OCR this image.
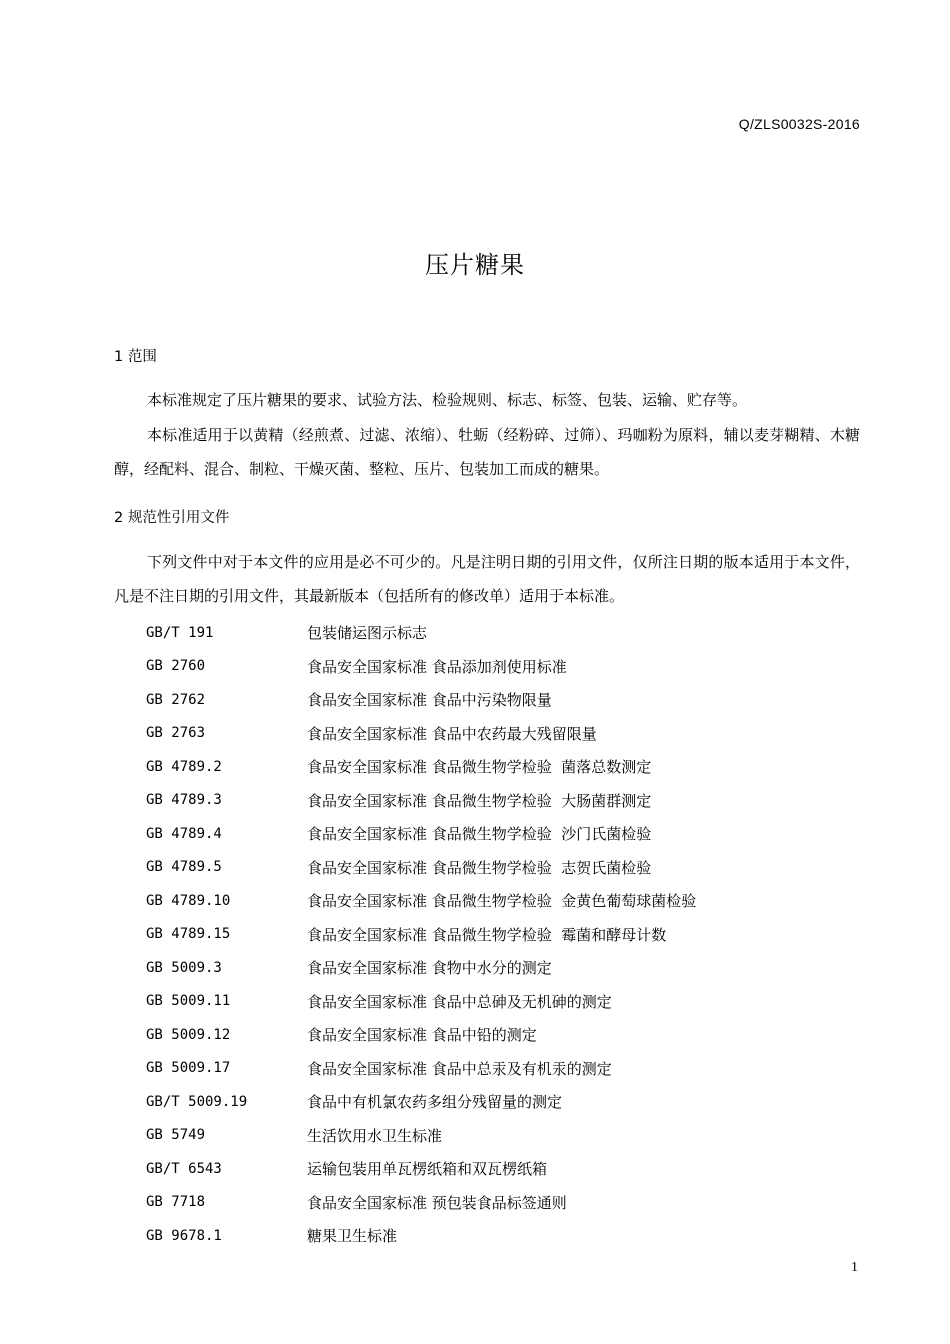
Q/ZLS0032S-2016
压片糖果
1 范围

本标准规定了压片糖果的要求、试验方法、检验规则、标志、标签、包装、运输、贮存等。

本标准适用于以黄精（经煎煮、过滤、浓缩）、牡蛎（经粉碎、过筛）、玛咖粉为原料，辅以麦芽糊精、木糖醇，经配料、混合、制粒、干燥灭菌、整粒、压片、包装加工而成的糖果。

2 规范性引用文件

下列文件中对于本文件的应用是必不可少的。凡是注明日期的引用文件，仅所注日期的版本适用于本文件，凡是不注日期的引用文件，其最新版本（包括所有的修改单）适用于本标准。

GB/T 191	包装储运图示标志
GB 2760	食品安全国家标准 食品添加剂使用标准
GB 2762	食品安全国家标准 食品中污染物限量
GB 2763	食品安全国家标准 食品中农药最大残留限量
GB 4789.2	食品安全国家标准 食品微生物学检验  菌落总数测定
GB 4789.3	食品安全国家标准 食品微生物学检验  大肠菌群测定
GB 4789.4	食品安全国家标准 食品微生物学检验  沙门氏菌检验
GB 4789.5	食品安全国家标准 食品微生物学检验  志贺氏菌检验
GB 4789.10	食品安全国家标准 食品微生物学检验  金黄色葡萄球菌检验
GB 4789.15	食品安全国家标准 食品微生物学检验  霉菌和酵母计数
GB 5009.3	食品安全国家标准 食物中水分的测定
GB 5009.11	食品安全国家标准 食品中总砷及无机砷的测定
GB 5009.12	食品安全国家标准 食品中铅的测定
GB 5009.17	食品安全国家标准 食品中总汞及有机汞的测定
GB/T 5009.19	食品中有机氯农药多组分残留量的测定
GB 5749	生活饮用水卫生标准
GB/T 6543	运输包装用单瓦楞纸箱和双瓦楞纸箱
GB 7718	食品安全国家标准 预包装食品标签通则
GB 9678.1	糖果卫生标准
1
